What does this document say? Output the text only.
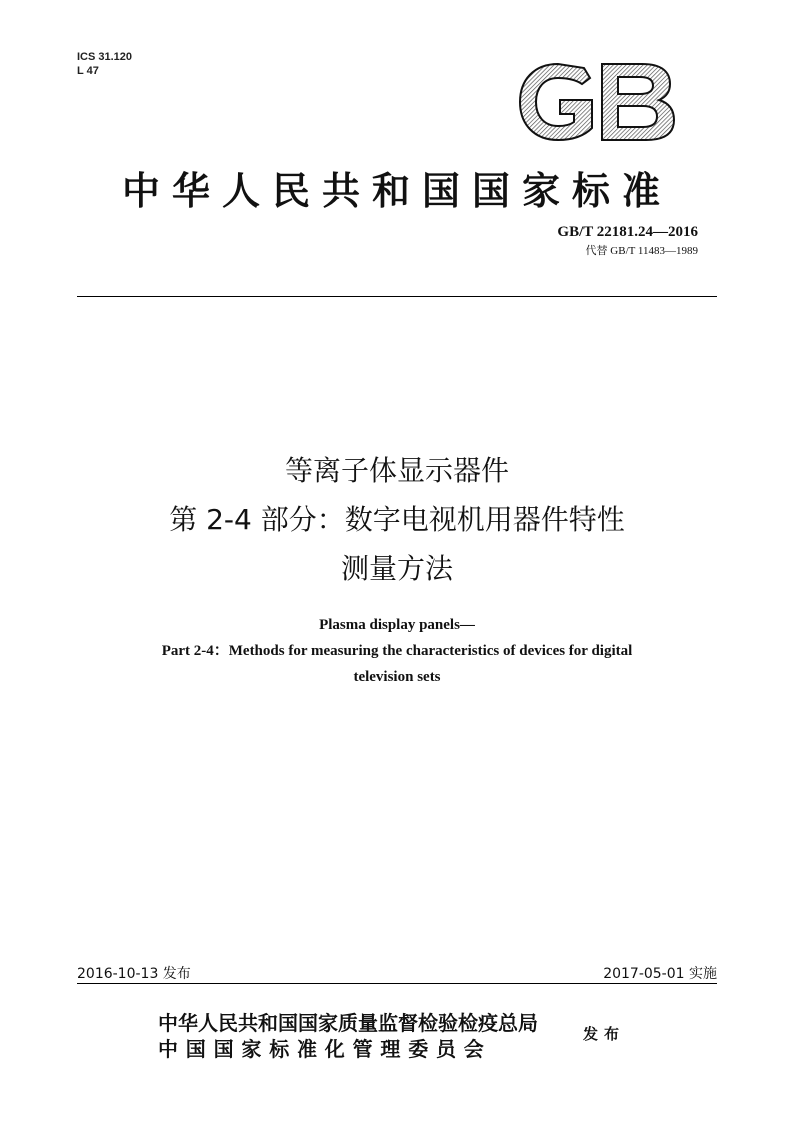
ICS 31.120
L 47
中华人民共和国国家标准
GB/T 22181.24—2016
代替 GB/T 11483—1989
等离子体显示器件
第 2-4 部分：数字电视机用器件特性
测量方法
Plasma display panels—
Part 2-4：Methods for measuring the characteristics of devices for digital
television sets
2016-10-13 发布	2017-05-01 实施
中华人民共和国国家质量监督检验检疫总局
中国国家标准化管理委员会
发布
